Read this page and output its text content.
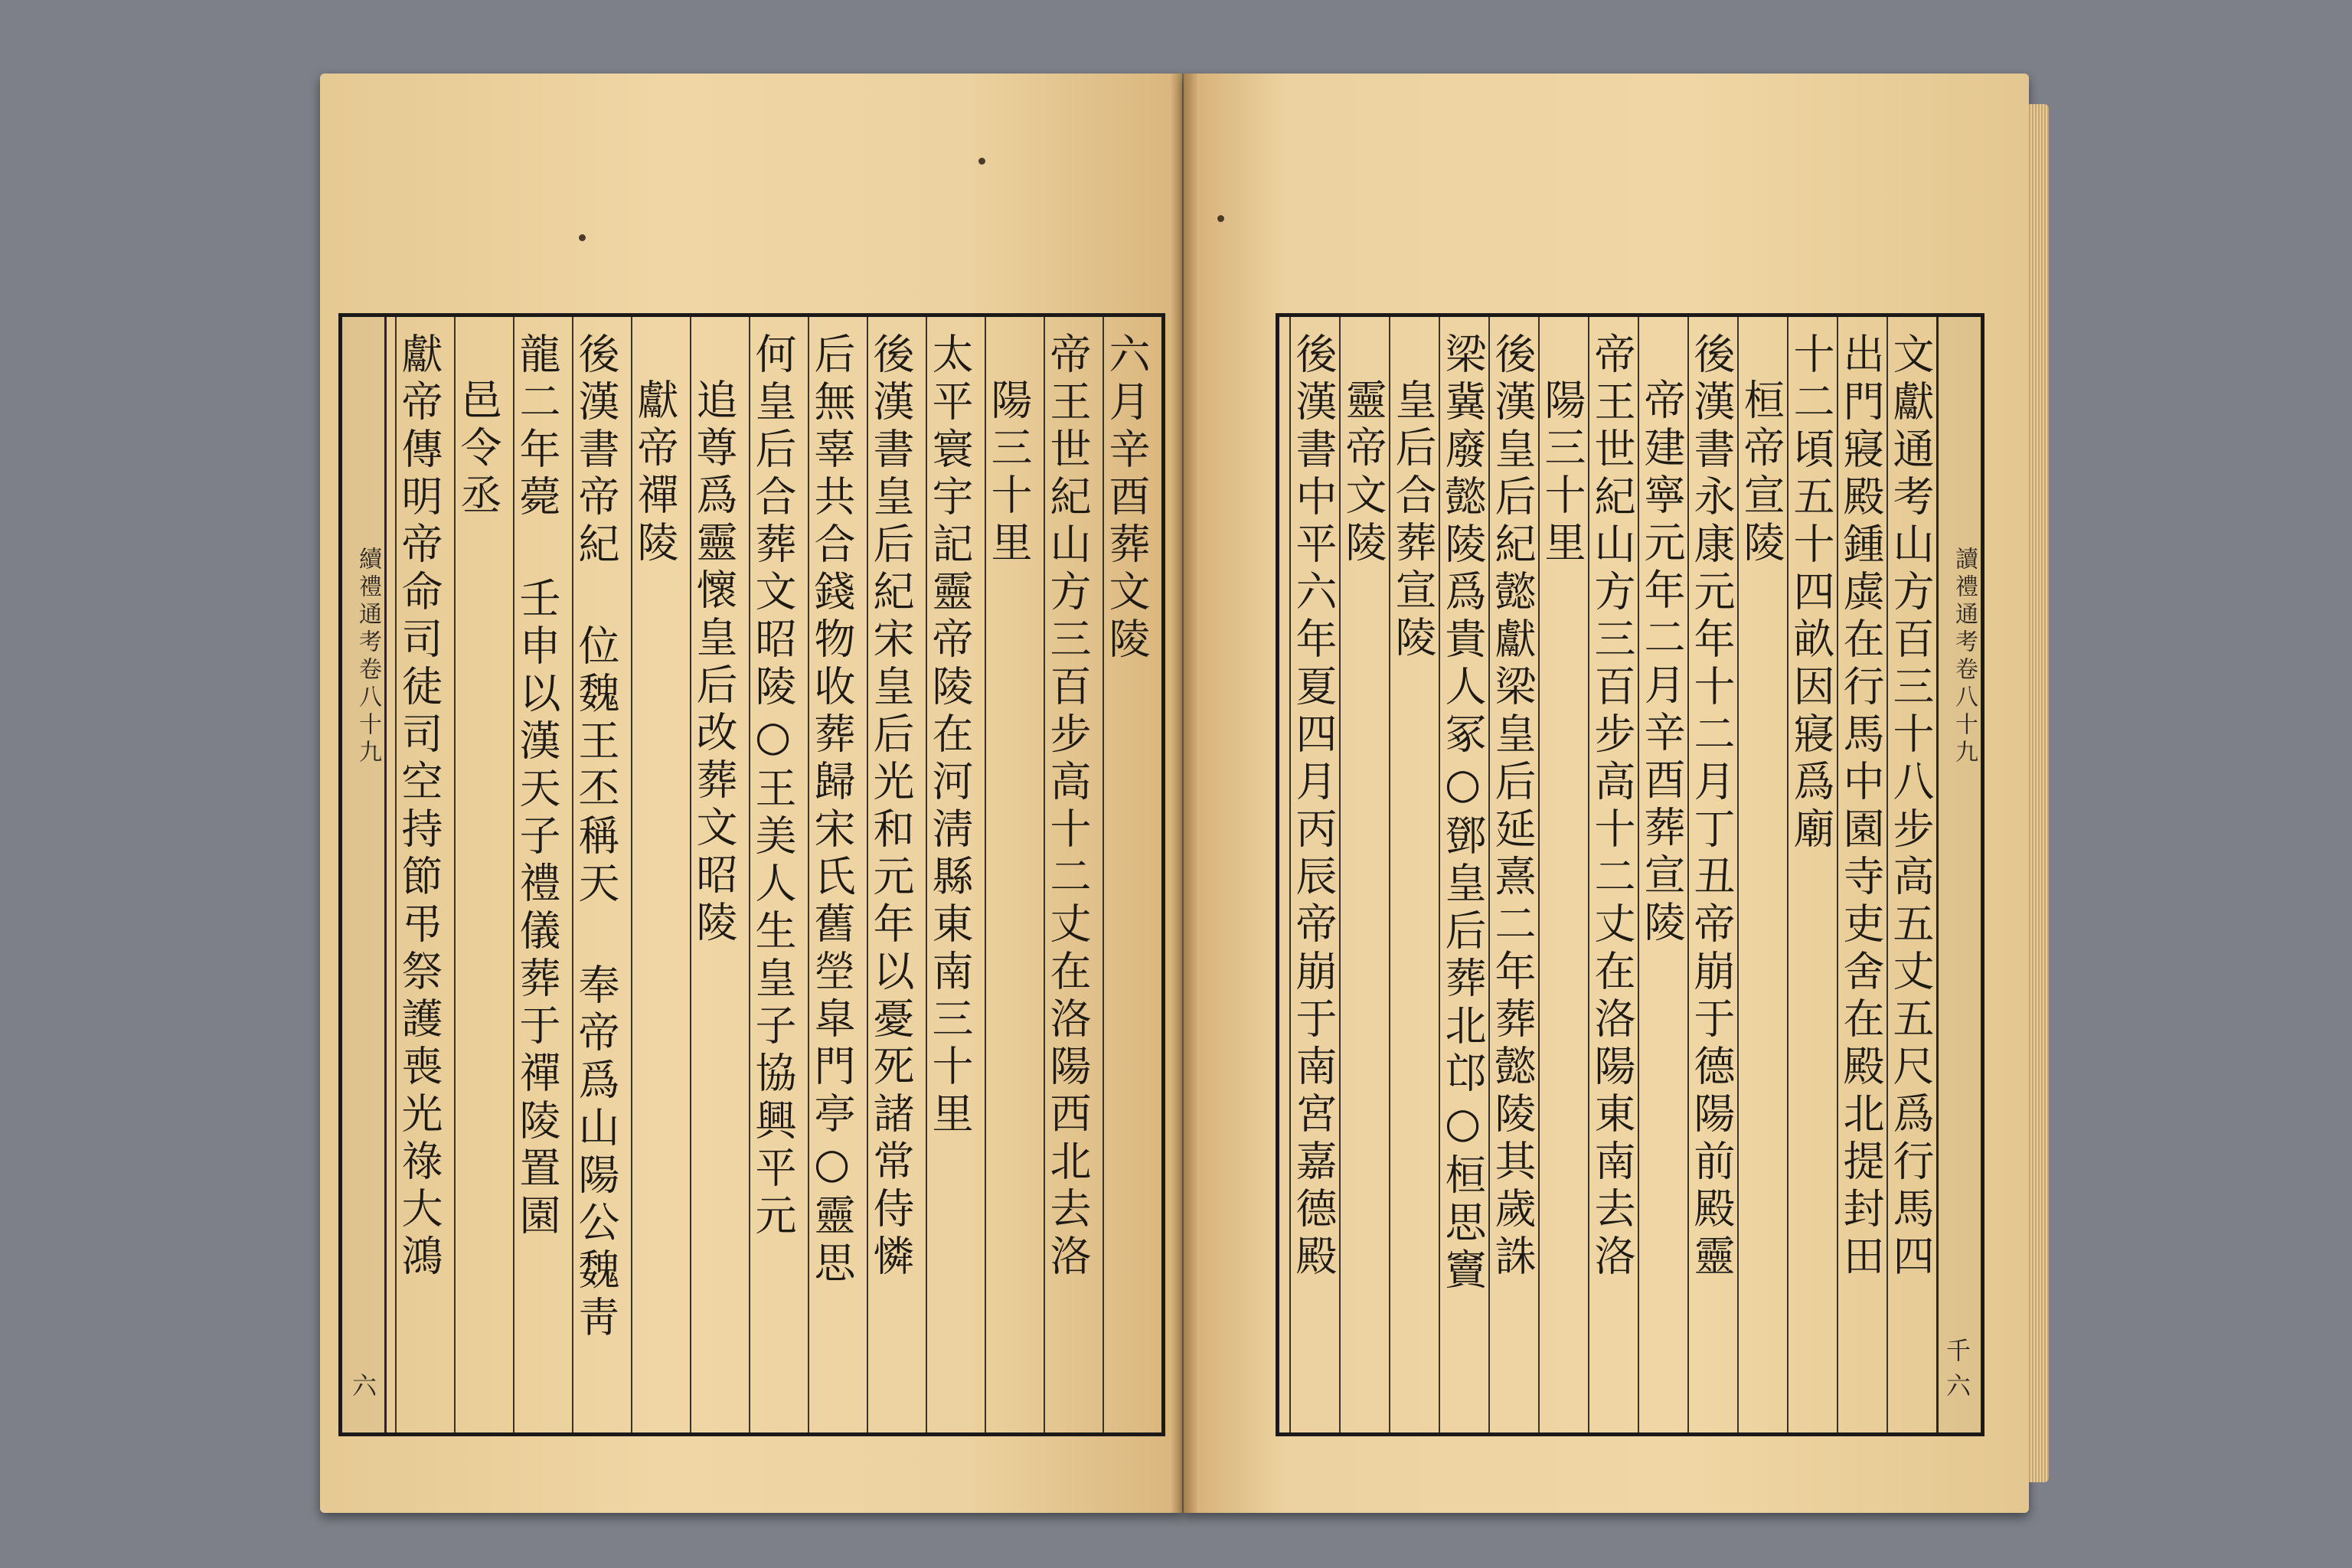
續禮通考卷八十九
六
六月辛酉葬文陵
帝王世紀山方三百步高十二丈在洛陽西北去洛
陽三十里
太平寰宇記靈帝陵在河淸縣東南三十里
後漢書皇后紀宋皇后光和元年以憂死諸常侍憐
后無辜共合錢物收葬歸宋氏舊塋皐門亭○靈思
何皇后合葬文昭陵○王美人生皇子協興平元
追尊爲靈懷皇后改葬文昭陵
獻帝禪陵
後漢書帝紀 位魏王丕稱天 奉帝爲山陽公魏靑
龍二年薨 壬申以漢天子禮儀葬于禪陵置園
邑令丞
獻帝傳明帝命司徒司空持節弔祭護喪光祿大鴻	讀禮通考卷八十九
千六
文獻通考山方百三十八步高五丈五尺爲行馬四
出門寢殿鍾虡在行馬中園寺吏舍在殿北提封田
十二頃五十四畝因寢爲廟
桓帝宣陵
後漢書永康元年十二月丁丑帝崩于德陽前殿靈
帝建寧元年二月辛酉葬宣陵
帝王世紀山方三百步高十二丈在洛陽東南去洛
陽三十里
後漢皇后紀懿獻梁皇后延熹二年葬懿陵其歲誅
梁冀廢懿陵爲貴人冢○鄧皇后葬北邙○桓思竇
皇后合葬宣陵
靈帝文陵
後漢書中平六年夏四月丙辰帝崩于南宮嘉德殿
